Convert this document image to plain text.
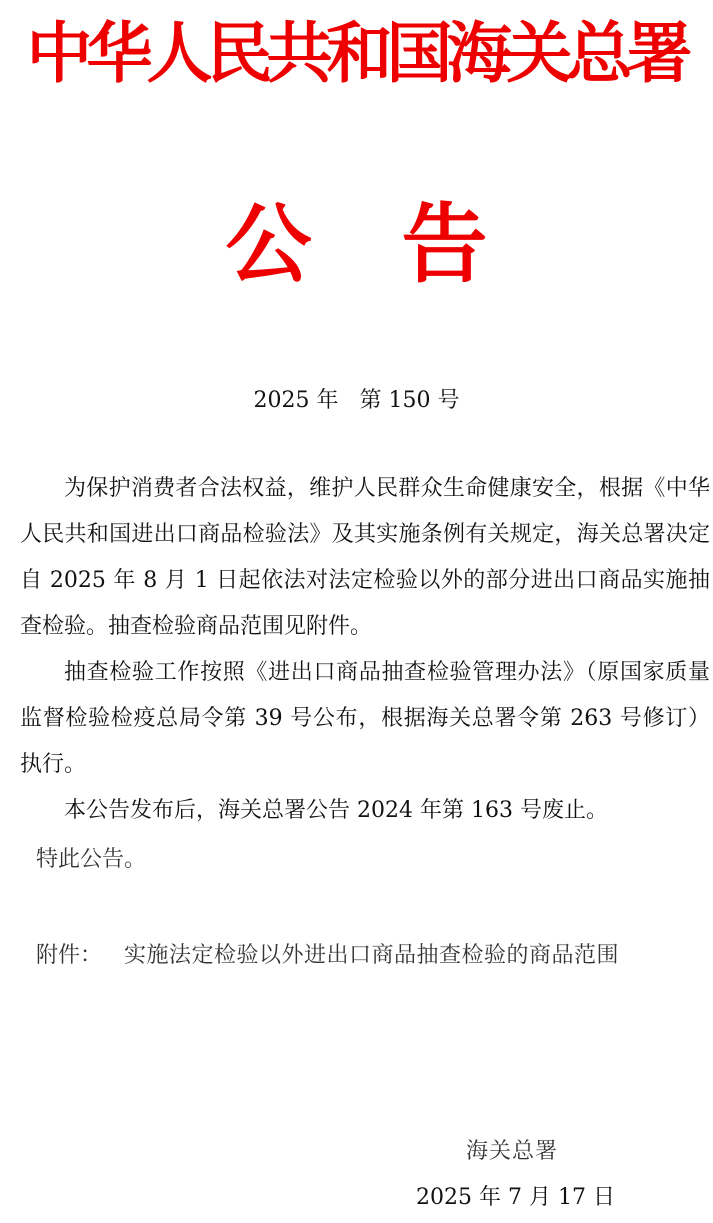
中华人民共和国海关总署
公告
2025 年   第 150 号

为保护消费者合法权益，维护人民群众生命健康安全，根据《中华人民共和国进出口商品检验法》及其实施条例有关规定，海关总署决定自 2025 年 8 月 1 日起依法对法定检验以外的部分进出口商品实施抽查检验。抽查检验商品范围见附件。

抽查检验工作按照《进出口商品抽查检验管理办法》（原国家质量监督检验检疫总局令第 39 号公布，根据海关总署令第 263 号修订）执行。

本公告发布后，海关总署公告 2024 年第 163 号废止。

特此公告。
附件： 实施法定检验以外进出口商品抽查检验的商品范围
海关总署
2025 年 7 月 17 日
